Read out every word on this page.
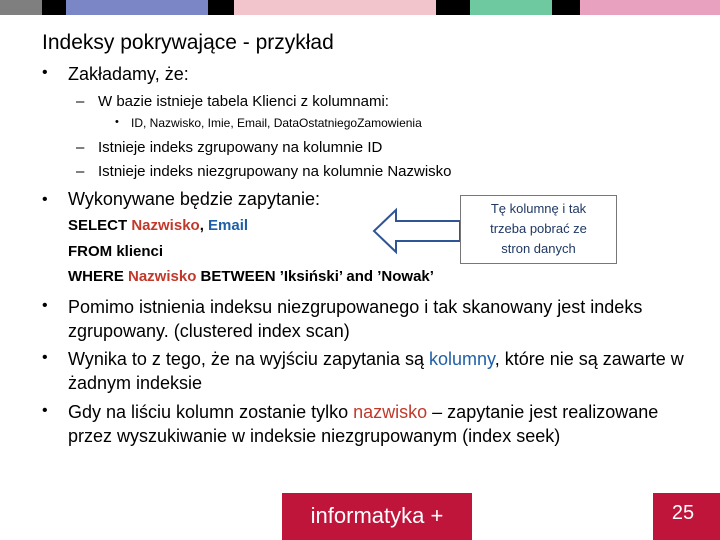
Indeksy pokrywające - przykład
• Zakładamy, że:
– W bazie istnieje tabela Klienci z kolumnami:
• ID, Nazwisko, Imie, Email, DataOstatniegoZamowienia
– Istnieje indeks zgrupowany na kolumnie ID
– Istnieje indeks niezgrupowany na kolumnie Nazwisko
• Wykonywane będzie zapytanie:
SELECT Nazwisko, Email
FROM klienci
WHERE Nazwisko BETWEEN ’Iksiński’ and ’Nowak’
Tę kolumnę i tak
trzeba pobrać ze
stron danych
• Pomimo istnienia indeksu niezgrupowanego i tak skanowany jest indeks zgrupowany. (clustered index scan)
• Wynika to z tego, że na wyjściu zapytania są kolumny, które nie są zawarte w żadnym indeksie
• Gdy na liściu kolumn zostanie tylko nazwisko – zapytanie jest realizowane przez wyszukiwanie w indeksie niezgrupowanym (index seek)
informatyka +	25
